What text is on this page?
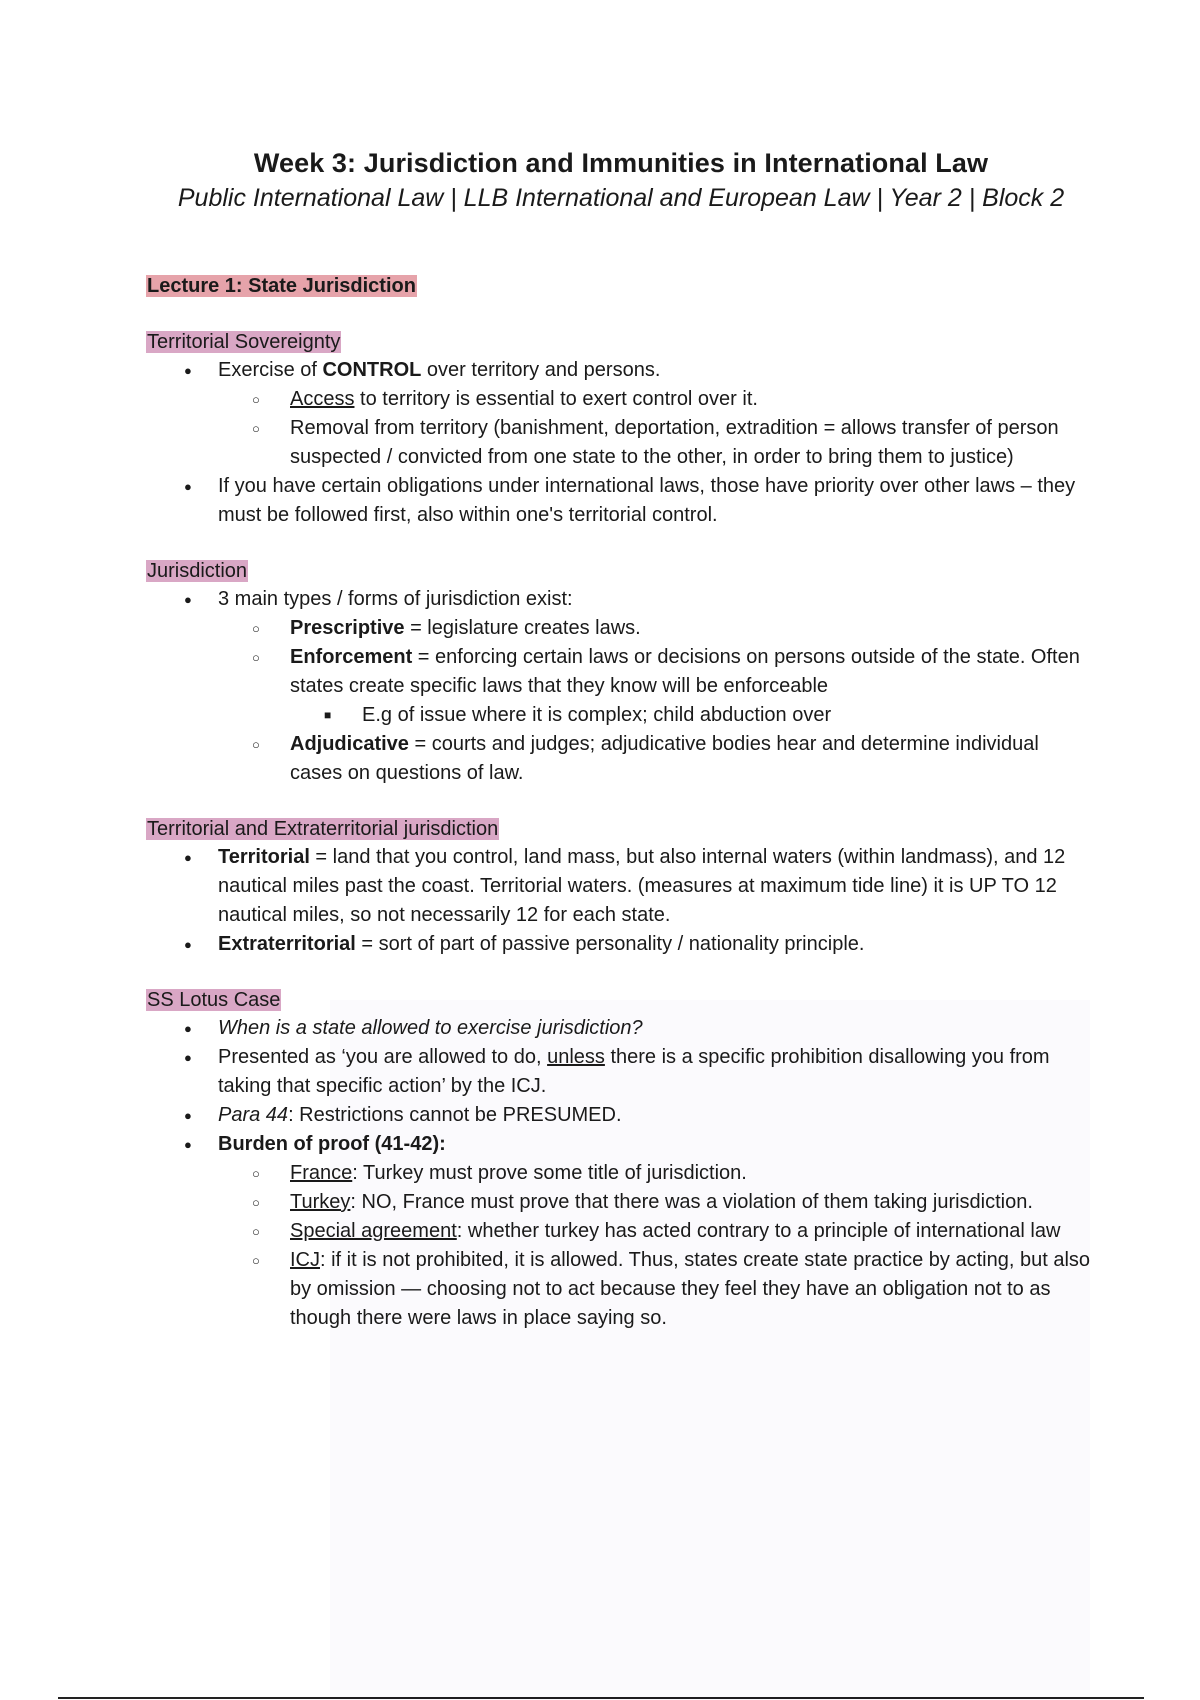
Week 3: Jurisdiction and Immunities in International Law

Public International Law | LLB International and European Law | Year 2 | Block 2

Lecture 1: State Jurisdiction

Territorial Sovereignty

● Exercise of CONTROL over territory and persons.
○ Access to territory is essential to exert control over it.
○ Removal from territory (banishment, deportation, extradition = allows transfer of person suspected / convicted from one state to the other, in order to bring them to justice)
● If you have certain obligations under international laws, those have priority over other laws – they must be followed first, also within one's territorial control.

Jurisdiction

● 3 main types / forms of jurisdiction exist:
○ Prescriptive = legislature creates laws.
○ Enforcement = enforcing certain laws or decisions on persons outside of the state. Often states create specific laws that they know will be enforceable
■ E.g of issue where it is complex; child abduction over
○ Adjudicative = courts and judges; adjudicative bodies hear and determine individual cases on questions of law.

Territorial and Extraterritorial jurisdiction

● Territorial = land that you control, land mass, but also internal waters (within landmass), and 12 nautical miles past the coast. Territorial waters. (measures at maximum tide line) it is UP TO 12 nautical miles, so not necessarily 12 for each state.
● Extraterritorial = sort of part of passive personality / nationality principle.

SS Lotus Case

● When is a state allowed to exercise jurisdiction?
● Presented as ‘you are allowed to do, unless there is a specific prohibition disallowing you from taking that specific action’ by the ICJ.
● Para 44: Restrictions cannot be PRESUMED.
● Burden of proof (41-42):
○ France: Turkey must prove some title of jurisdiction.
○ Turkey: NO, France must prove that there was a violation of them taking jurisdiction.
○ Special agreement: whether turkey has acted contrary to a principle of international law
○ ICJ: if it is not prohibited, it is allowed. Thus, states create state practice by acting, but also by omission — choosing not to act because they feel they have an obligation not to as though there were laws in place saying so.
